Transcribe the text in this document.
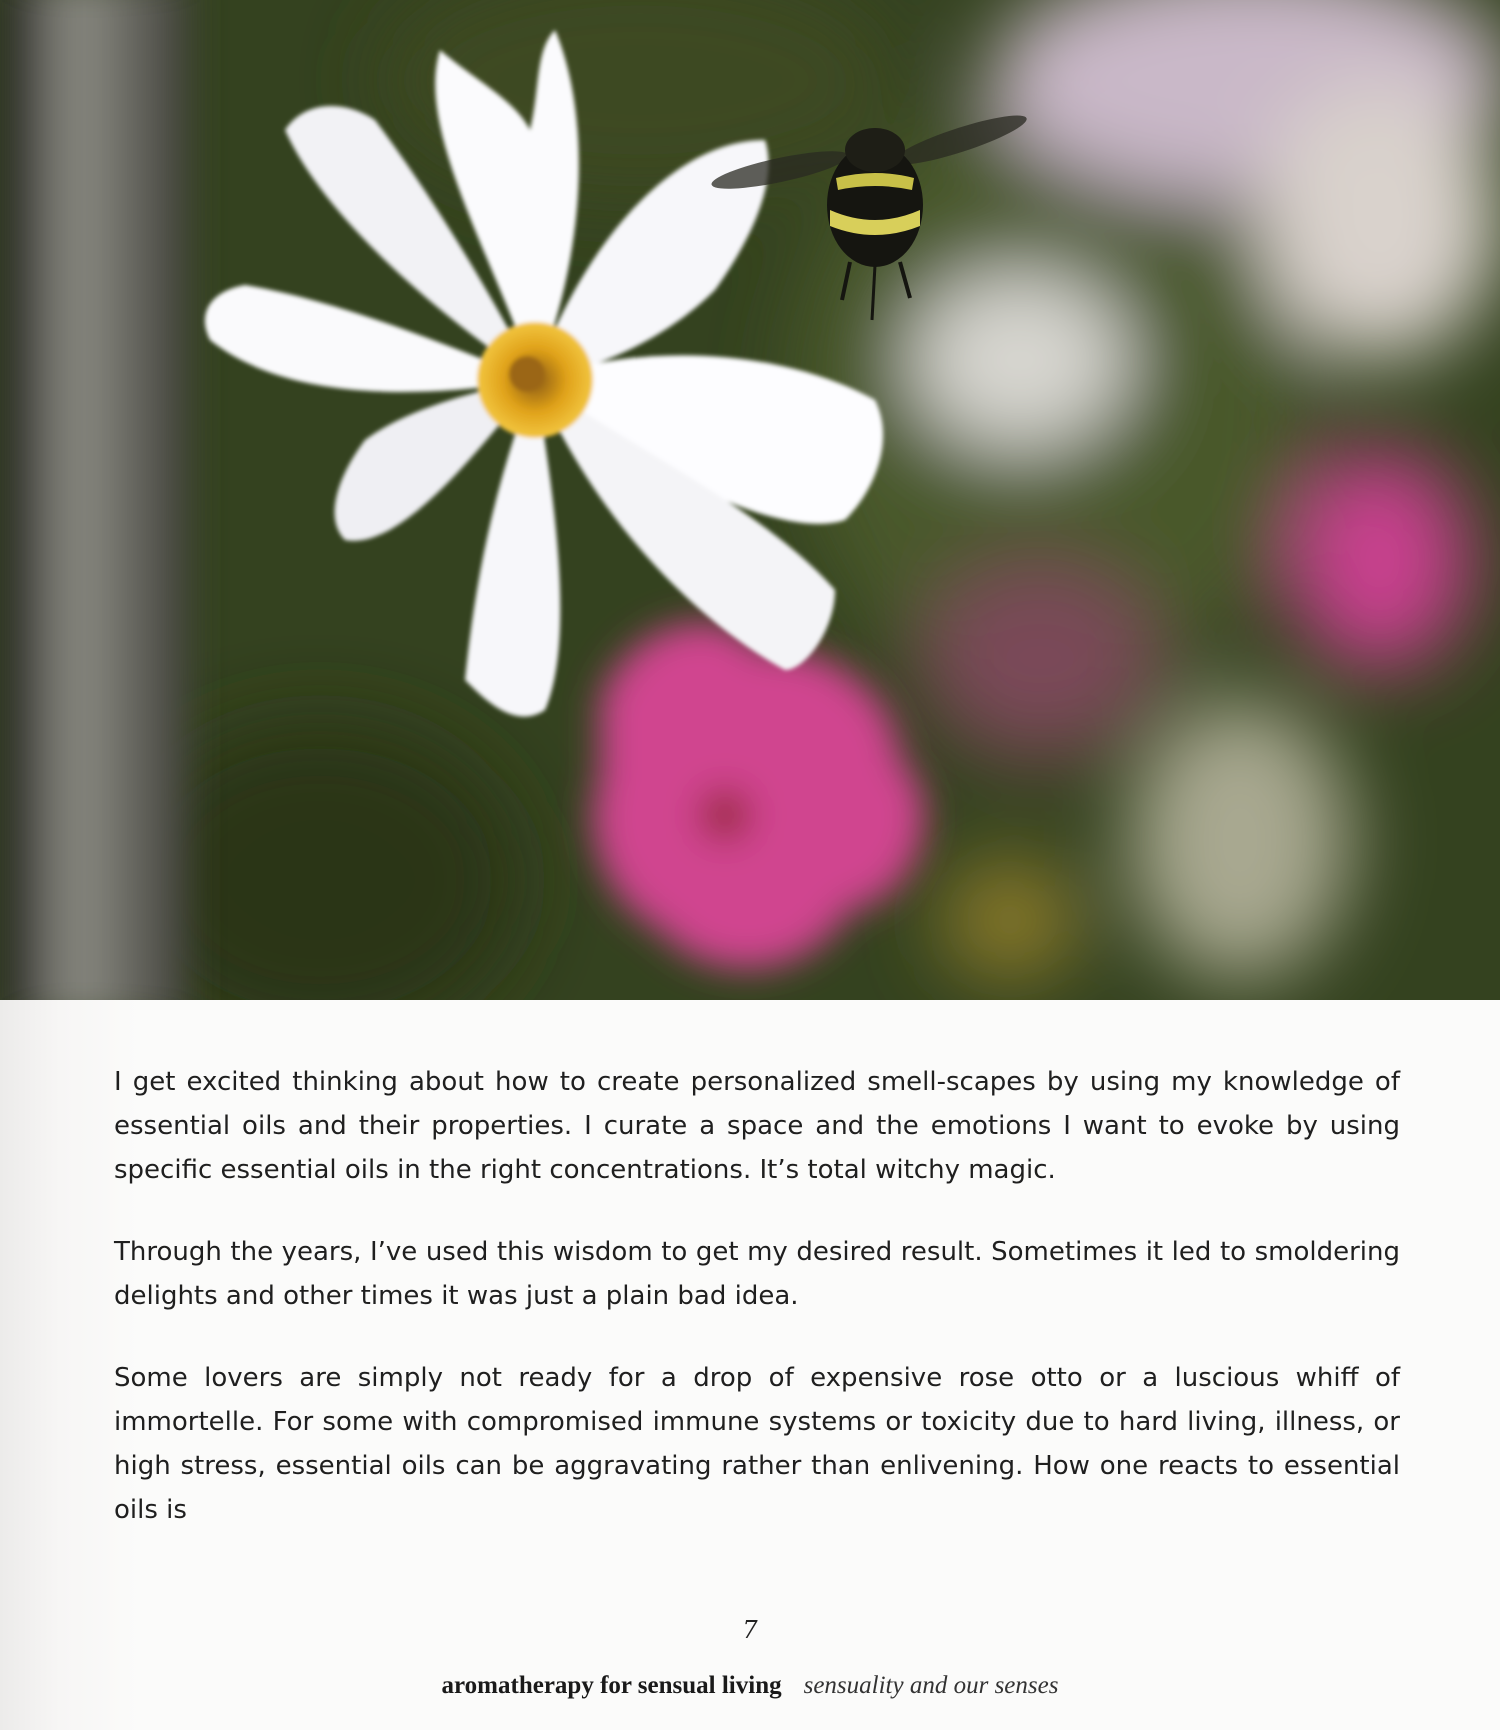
I get excited thinking about how to create personalized smell-scapes by using my knowledge of essential oils and their properties. I curate a space and the emotions I want to evoke by using specific essential oils in the right concentrations. It’s total witchy magic.

Through the years, I’ve used this wisdom to get my desired result. Sometimes it led to smoldering delights and other times it was just a plain bad idea.

Some lovers are simply not ready for a drop of expensive rose otto or a luscious whiff of immortelle. For some with compromised immune systems or toxicity due to hard living, illness, or high stress, essential oils can be aggravating rather than enlivening. How one reacts to essential oils is

7
aromatherapy for sensual living sensuality and our senses
